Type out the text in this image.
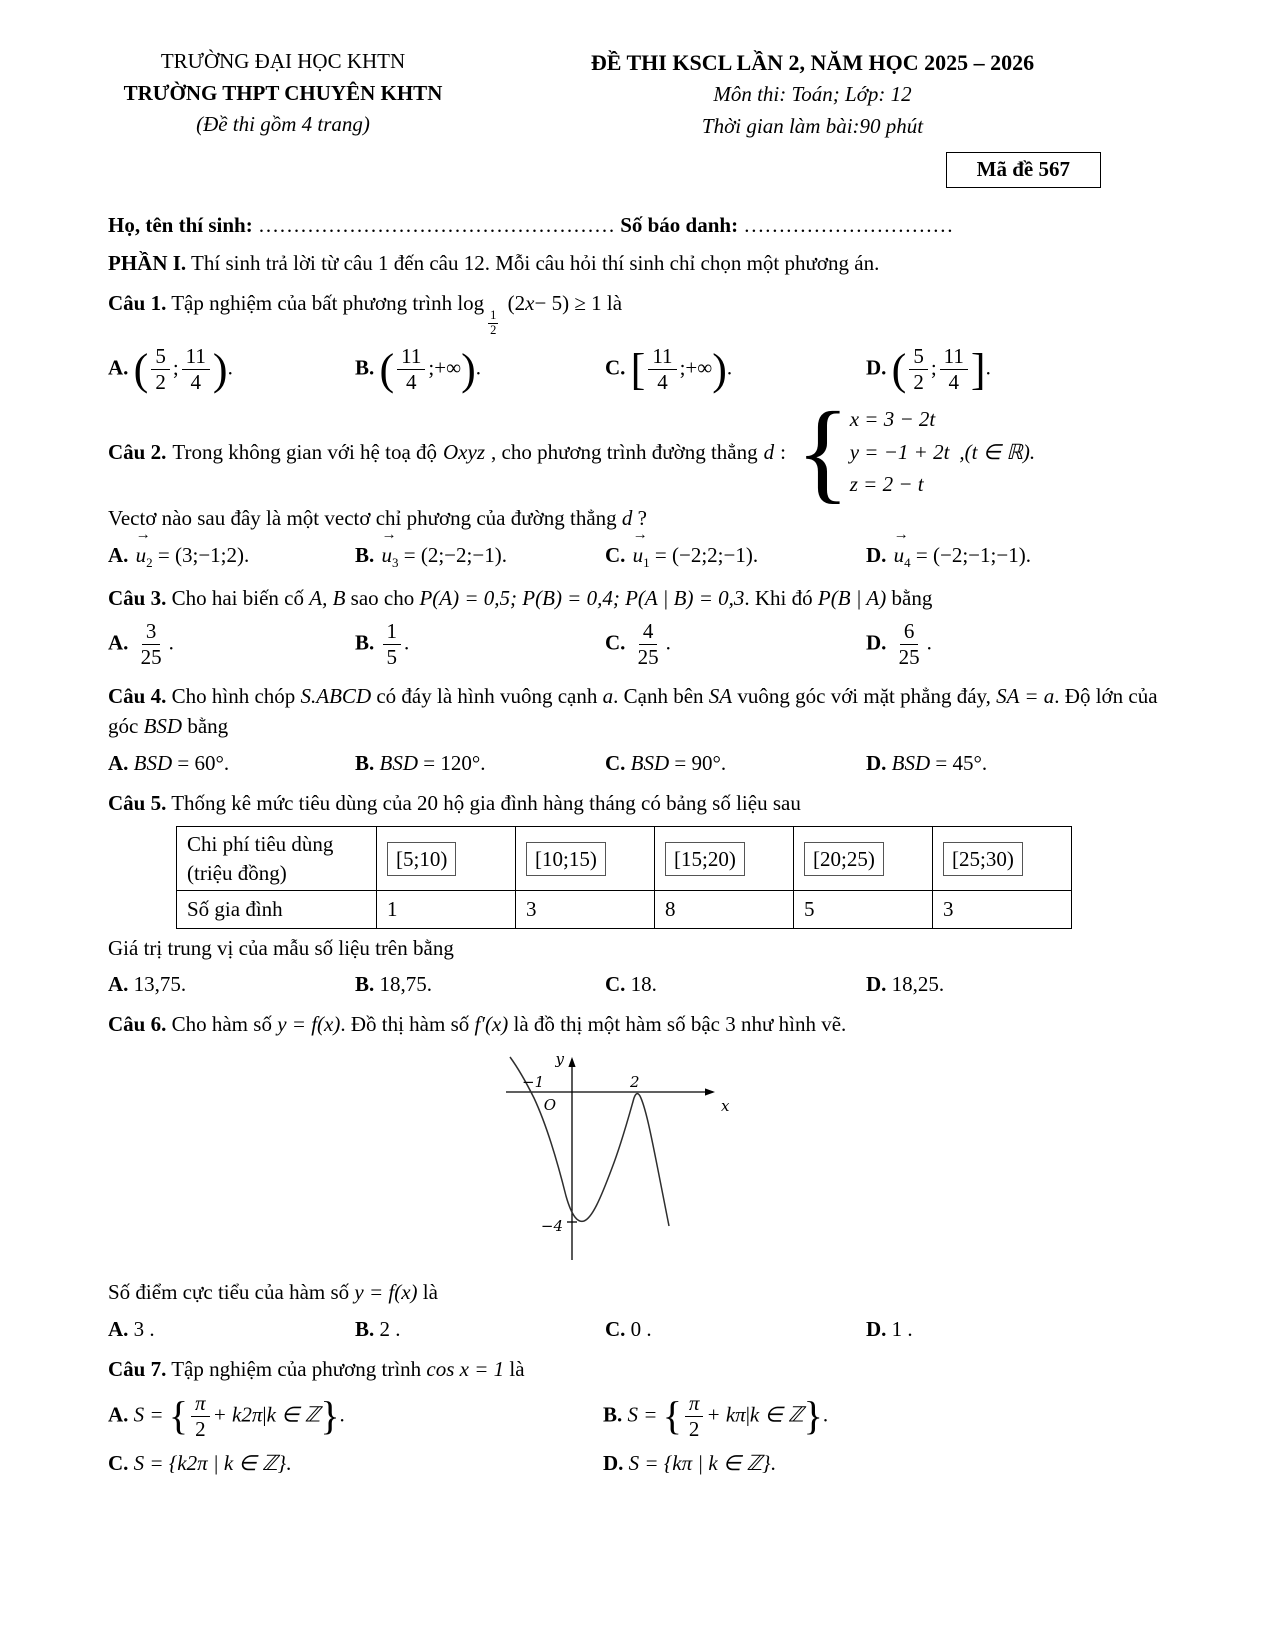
TRƯỜNG ĐẠI HỌC KHTN
TRƯỜNG THPT CHUYÊN KHTN
(Đề thi gồm 4 trang)
ĐỀ THI KSCL LẦN 2, NĂM HỌC 2025 – 2026
Môn thi: Toán; Lớp: 12
Thời gian làm bài:90 phút
Mã đề 567
Họ, tên thí sinh: …………………………………………… Số báo danh: …………………………
PHẦN I. Thí sinh trả lời từ câu 1 đến câu 12. Mỗi câu hỏi thí sinh chỉ chọn một phương án.

Câu 1. Tập nghiệm của bất phương trình log
$\frac{1}{2}$
(2x− 5) ≥ 1 là

A. ( $\frac{5}{2}$ ; $\frac{11}{4}$ ).	B. ( $\frac{11}{4}$ ;+∞).	C. [ $\frac{11}{4}$ ;+∞).	D. ( $\frac{5}{2}$ ; $\frac{11}{4}$ ].
Câu 2. Trong không gian với hệ toạ độ Oxyz , cho phương trình đường thẳng d : { x = 3 − 2t
y = −1 + 2t
z = 2 − t
,(t ∈ ℝ).

Vectơ nào sau đây là một vectơ chỉ phương của đường thẳng d ?

A. $u \to_2$ = (3;−1;2).	B. $u \to_3$ = (2;−2;−1).	C. $u \to_1$ = (−2;2;−1).	D. $u \to_4$ = (−2;−1;−1).

Câu 3. Cho hai biến cố A, B sao cho P(A) = 0,5; P(B) = 0,4; P(A | B) = 0,3. Khi đó P(B | A) bằng

A. $\frac{3}{25}$ .	B. $\frac{1}{5}$ .	C. $\frac{4}{25}$ .	D. $\frac{6}{25}$ .

Câu 4. Cho hình chóp S.ABCD có đáy là hình vuông cạnh a. Cạnh bên SA vuông góc với mặt phẳng đáy, SA = a. Độ lớn của góc BSD bằng

A. BSD = 60°.	B. BSD = 120°.	C. BSD = 90°.	D. BSD = 45°.

Câu 5. Thống kê mức tiêu dùng của 20 hộ gia đình hàng tháng có bảng số liệu sau

Chi phí tiêu dùng
(triệu đồng)	[5;10)	[10;15)	[15;20)	[20;25)	[25;30)
Số gia đình	1	3	8	5	3

Giá trị trung vị của mẫu số liệu trên bằng

A. 13,75.	B. 18,75.	C. 18.	D. 18,25.

Câu 6. Cho hàm số y = f(x). Đồ thị hàm số f′(x) là đồ thị một hàm số bậc 3 như hình vẽ.

y
x
O
−1	2
−4

Số điểm cực tiểu của hàm số y = f(x) là

A. 3 .	B. 2 .	C. 0 .	D. 1 .

Câu 7. Tập nghiệm của phương trình cos x = 1 là

A. S = { $\frac{\pi}{2} + k2\pi|k$ ∈ ℤ}.	B. S = { $\frac{\pi}{2} + k\pi|k$ ∈ ℤ}.
C. S = {k2π | k ∈ ℤ}.	D. S = {kπ | k ∈ ℤ}.
